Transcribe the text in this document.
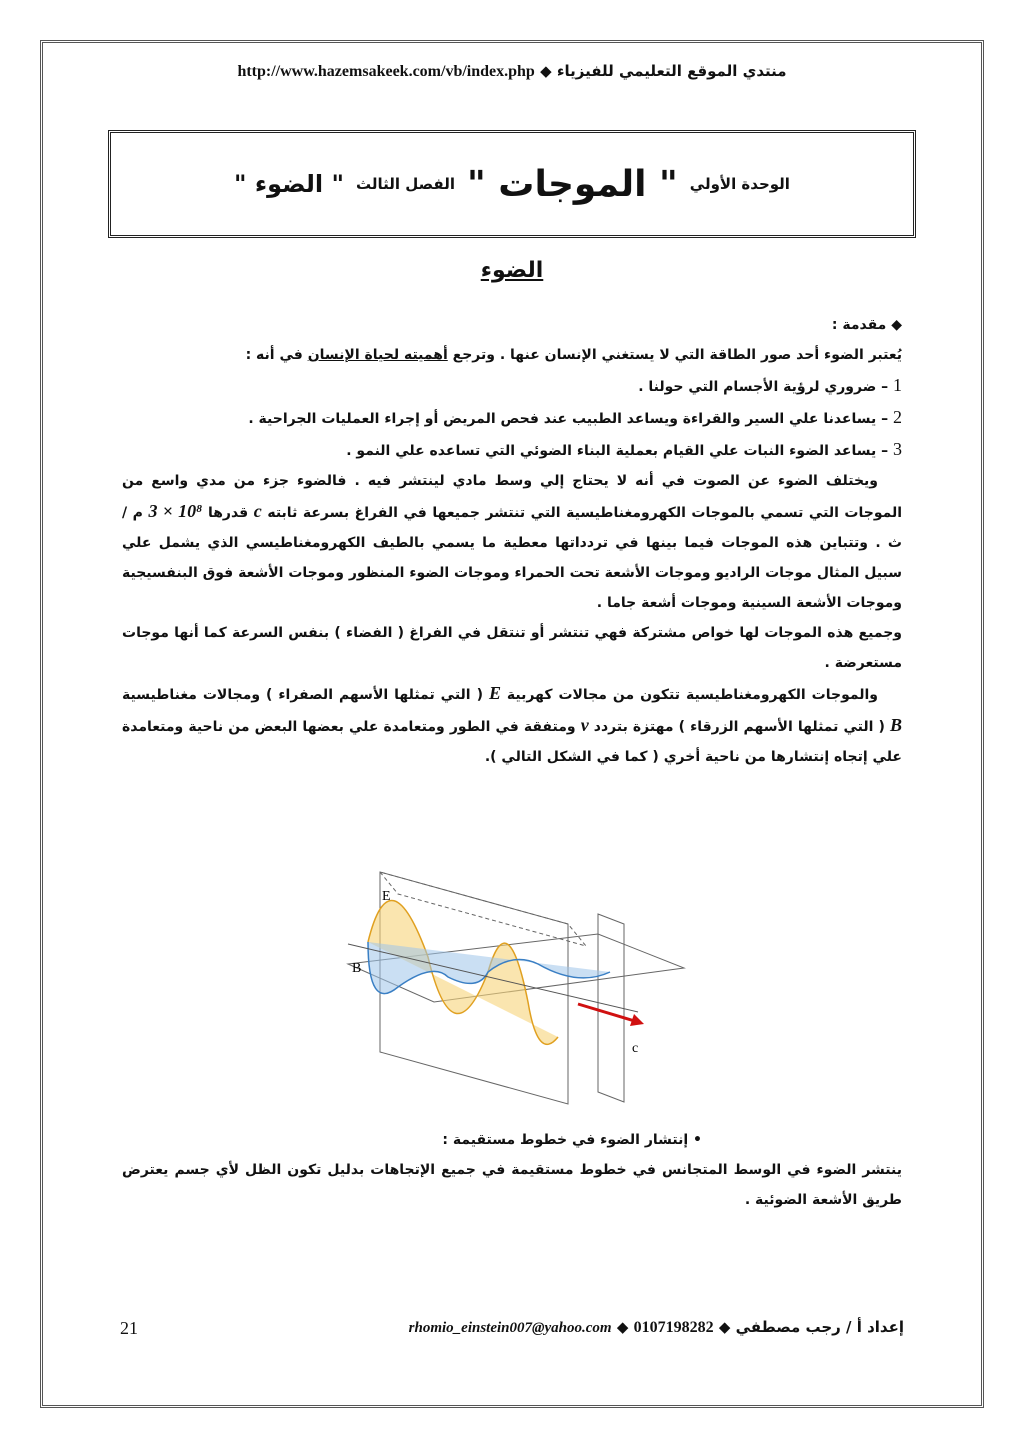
منتدي الموقع التعليمي للفيزياء ◆ http://www.hazemsakeek.com/vb/index.php
الوحدة الأولي
" الموجات "
الفصل الثالث
" الضوء "
الضوء

◆ مقدمة :

يُعتبر الضوء أحد صور الطاقة التي لا يستغني الإنسان عنها . وترجع أهميته لحياة الإنسان في أنه :

1 – ضروري لرؤية الأجسام التي حولنا .

2 – يساعدنا علي السير والقراءة ويساعد الطبيب عند فحص المريض أو إجراء العمليات الجراحية .

3 – يساعد الضوء النبات علي القيام بعملية البناء الضوئي التي تساعده علي النمو .

ويختلف الضوء عن الصوت في أنه لا يحتاج إلي وسط مادي لينتشر فيه . فالضوء جزء من مدي واسع من الموجات التي تسمي بالموجات الكهرومغناطيسية التي تنتشر جميعها في الفراغ بسرعة ثابته c قدرها 3 × 10⁸ م / ث . وتتباين هذه الموجات فيما بينها في تردداتها معطية ما يسمي بالطيف الكهرومغناطيسي الذي يشمل علي سبيل المثال موجات الراديو وموجات الأشعة تحت الحمراء وموجات الضوء المنظور وموجات الأشعة فوق البنفسيجية وموجات الأشعة السينية وموجات أشعة جاما .

وجميع هذه الموجات لها خواص مشتركة فهي تنتشر أو تنتقل في الفراغ ( الفضاء ) بنفس السرعة كما أنها موجات مستعرضة .

والموجات الكهرومغناطيسية تتكون من مجالات كهربية E ( التي تمثلها الأسهم الصفراء ) ومجالات مغناطيسية B ( التي تمثلها الأسهم الزرقاء ) مهتزة بتردد ν ومتفقة في الطور ومتعامدة علي بعضها البعض من ناحية ومتعامدة علي إتجاه إنتشارها من ناحية أخري ( كما في الشكل التالي ).

E
B
c

• إنتشار الضوء في خطوط مستقيمة :

ينتشر الضوء في الوسط المتجانس في خطوط مستقيمة في جميع الإتجاهات بدليل تكون الظل لأي جسم يعترض طريق الأشعة الضوئية .

21	إعداد أ / رجب مصطفي ◆ 0107198282 ◆ rhomio_einstein007@yahoo.com
